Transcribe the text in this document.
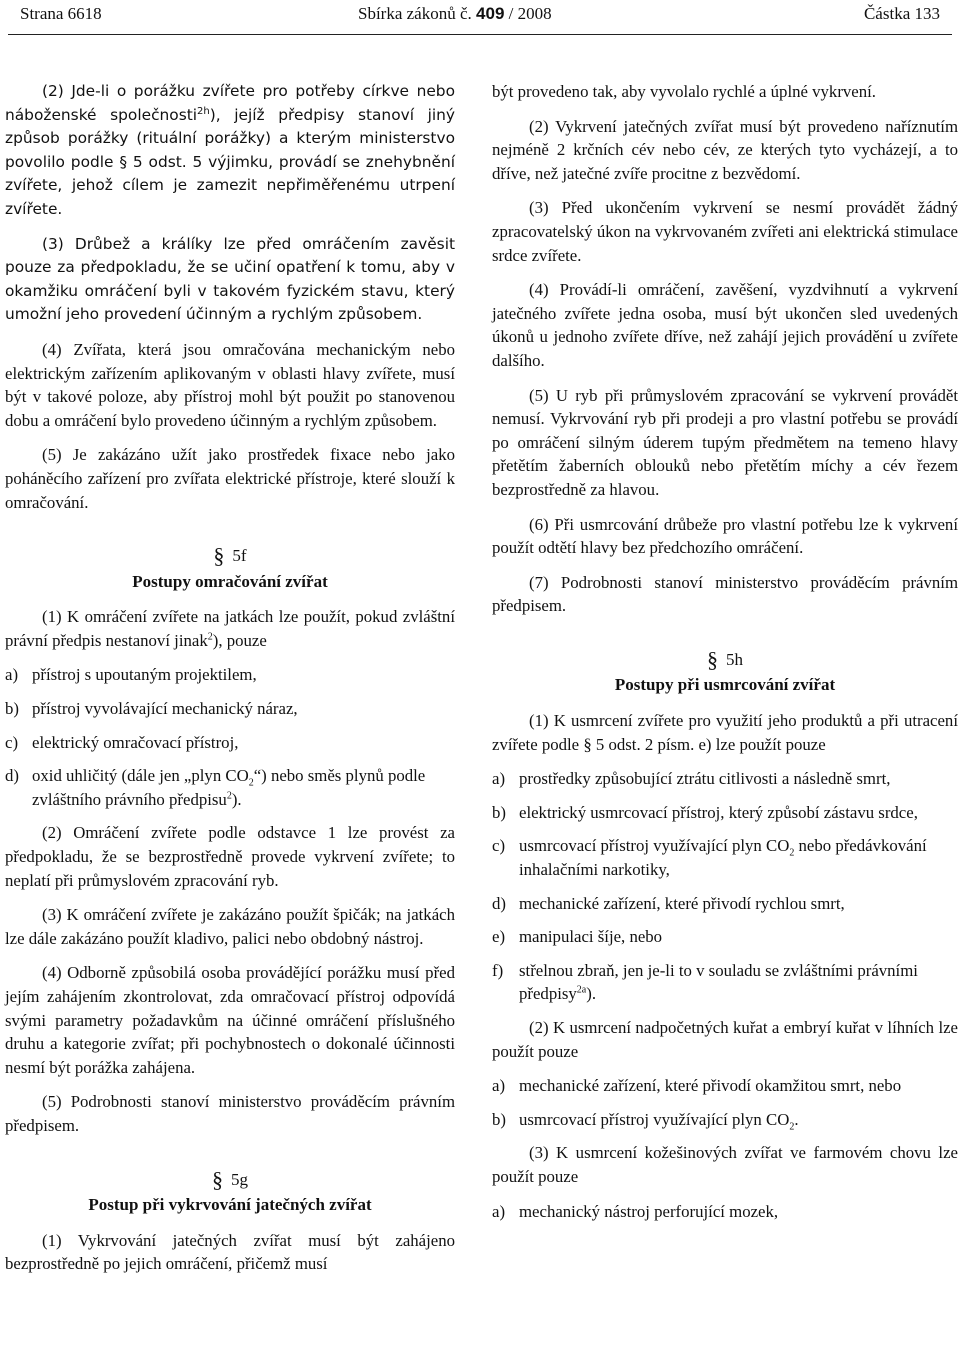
Strana 6618	Sbírka zákonů č. 409 / 2008	Částka 133

(2) Jde-li o porážku zvířete pro potřeby církve nebo náboženské společnosti$^{2h}$), jejíž předpisy stanoví jiný způsob porážky (rituální porážky) a kterým ministerstvo povolilo podle § 5 odst. 5 výjimku, provádí se znehybnění zvířete, jehož cílem je zamezit nepřiměřenému utrpení zvířete.

(3) Drůbež a králíky lze před omráčením zavěsit pouze za předpokladu, že se učiní opatření k tomu, aby v okamžiku omráčení byli v takovém fyzickém stavu, který umožní jeho provedení účinným a rychlým způsobem.

(4) Zvířata, která jsou omračována mechanickým nebo elektrickým zařízením aplikovaným v oblasti hlavy zvířete, musí být v takové poloze, aby přístroj mohl být použit po stanovenou dobu a omráčení bylo provedeno účinným a rychlým způsobem.

(5) Je zakázáno užít jako prostředek fixace nebo jako poháněcího zařízení pro zvířata elektrické přístroje, které slouží k omračování.

§ 5f
Postupy omračování zvířat

(1) K omráčení zvířete na jatkách lze použít, pokud zvláštní právní předpis nestanoví jinak$^2$), pouze

a) přístroj s upoutaným projektilem,
b) přístroj vyvolávající mechanický náraz,
c) elektrický omračovací přístroj,
d) oxid uhličitý (dále jen „plyn $CO_2“$) nebo směs plynů podle zvláštního právního předpisu$^2$).

(2) Omráčení zvířete podle odstavce 1 lze provést za předpokladu, že se bezprostředně provede vykrvení zvířete; to neplatí při průmyslovém zpracování ryb.

(3) K omráčení zvířete je zakázáno použít špičák; na jatkách lze dále zakázáno použít kladivo, palici nebo obdobný nástroj.

(4) Odborně způsobilá osoba provádějící porážku musí před jejím zahájením zkontrolovat, zda omračovací přístroj odpovídá svými parametry požadavkům na účinné omráčení příslušného druhu a kategorie zvířat; při pochybnostech o dokonalé účinnosti nesmí být porážka zahájena.

(5) Podrobnosti stanoví ministerstvo prováděcím právním předpisem.

§ 5g
Postup při vykrvování jatečných zvířat

(1) Vykrvování jatečných zvířat musí být zahájeno bezprostředně po jejich omráčení, přičemž musí

být provedeno tak, aby vyvolalo rychlé a úplné vykrvení.

(2) Vykrvení jatečných zvířat musí být provedeno naříznutím nejméně 2 krčních cév nebo cév, ze kterých tyto vycházejí, a to dříve, než jatečné zvíře procitne z bezvědomí.

(3) Před ukončením vykrvení se nesmí provádět žádný zpracovatelský úkon na vykrvovaném zvířeti ani elektrická stimulace srdce zvířete.

(4) Provádí-li omráčení, zavěšení, vyzdvihnutí a vykrvení jatečného zvířete jedna osoba, musí být ukončen sled uvedených úkonů u jednoho zvířete dříve, než zahájí jejich provádění u zvířete dalšího.

(5) U ryb při průmyslovém zpracování se vykrvení provádět nemusí. Vykrvování ryb při prodeji a pro vlastní potřebu se provádí po omráčení silným úderem tupým předmětem na temeno hlavy přetětím žaberních oblouků nebo přetětím míchy a cév řezem bezprostředně za hlavou.

(6) Při usmrcování drůbeže pro vlastní potřebu lze k vykrvení použít odtětí hlavy bez předchozího omráčení.

(7) Podrobnosti stanoví ministerstvo prováděcím právním předpisem.

§ 5h
Postupy při usmrcování zvířat

(1) K usmrcení zvířete pro využití jeho produktů a při utracení zvířete podle § 5 odst. 2 písm. e) lze použít pouze

a) prostředky způsobující ztrátu citlivosti a následně smrt,
b) elektrický usmrcovací přístroj, který způsobí zástavu srdce,
c) usmrcovací přístroj využívající plyn $CO_2$ nebo předávkování inhalačními narkotiky,
d) mechanické zařízení, které přivodí rychlou smrt,
e) manipulaci šíje, nebo
f) střelnou zbraň, jen je-li to v souladu se zvláštními právními předpisy$^{2a}$).

(2) K usmrcení nadpočetných kuřat a embryí kuřat v líhních lze použít pouze

a) mechanické zařízení, které přivodí okamžitou smrt, nebo
b) usmrcovací přístroj využívající plyn $CO_2$.

(3) K usmrcení kožešinových zvířat ve farmovém chovu lze použít pouze

a) mechanický nástroj perforující mozek,
